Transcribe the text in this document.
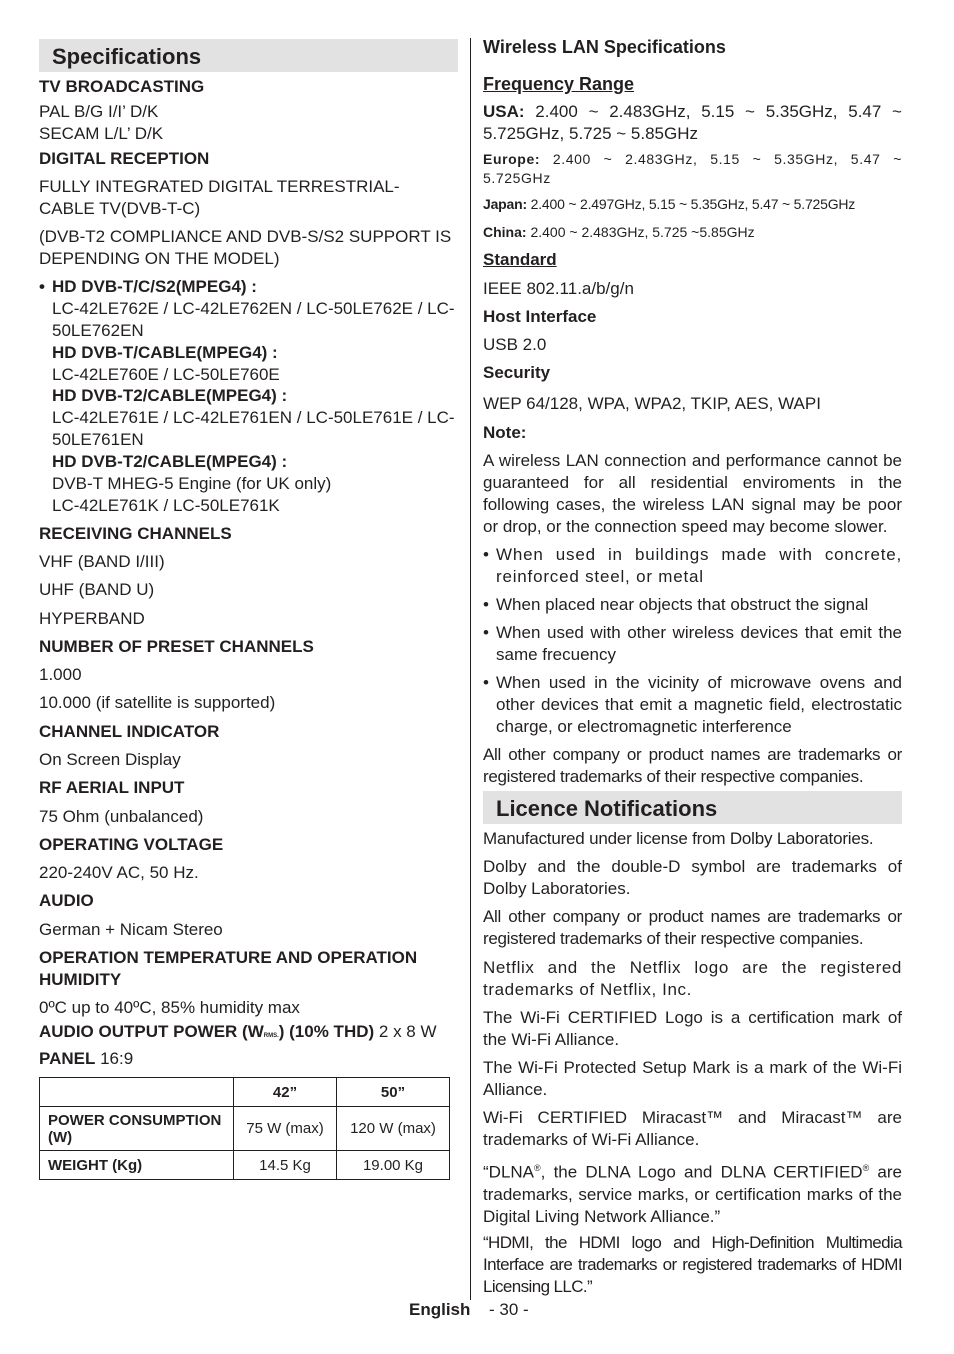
Specifications
TV BROADCASTING
PAL B/G I/I’ D/K
SECAM L/L’ D/K
DIGITAL RECEPTION
FULLY INTEGRATED DIGITAL TERRESTRIAL-CABLE TV(DVB-T-C)
(DVB-T2 COMPLIANCE AND DVB-S/S2 SUPPORT IS DEPENDING ON THE MODEL)
• HD DVB-T/C/S2(MPEG4) :
LC-42LE762E / LC-42LE762EN / LC-50LE762E / LC-50LE762EN
HD DVB-T/CABLE(MPEG4) :
LC-42LE760E / LC-50LE760E
HD DVB-T2/CABLE(MPEG4) :
LC-42LE761E / LC-42LE761EN / LC-50LE761E / LC-50LE761EN
HD DVB-T2/CABLE(MPEG4) :
DVB-T MHEG-5 Engine (for UK only) LC-42LE761K / LC-50LE761K
RECEIVING CHANNELS
VHF (BAND I/III)
UHF (BAND U)
HYPERBAND
NUMBER OF PRESET CHANNELS
1.000
10.000 (if satellite is supported)
CHANNEL INDICATOR
On Screen Display
RF AERIAL INPUT
75 Ohm (unbalanced)
OPERATING VOLTAGE
220-240V AC, 50 Hz.
AUDIO
German + Nicam Stereo
OPERATION TEMPERATURE AND OPERATION HUMIDITY
0ºC up to 40ºC, 85% humidity max
AUDIO OUTPUT POWER (WRMS.) (10% THD) 2 x 8 W
PANEL 16:9
	42”	50”
POWER CONSUMPTION (W)	75 W (max)	120 W (max)
WEIGHT (Kg)	14.5 Kg	19.00 Kg
Wireless LAN Specifications
Frequency Range
USA: 2.400 ~ 2.483GHz, 5.15 ~ 5.35GHz, 5.47 ~ 5.725GHz, 5.725 ~ 5.85GHz
Europe: 2.400 ~ 2.483GHz, 5.15 ~ 5.35GHz, 5.47 ~ 5.725GHz
Japan: 2.400 ~ 2.497GHz, 5.15 ~ 5.35GHz, 5.47 ~ 5.725GHz
China: 2.400 ~ 2.483GHz, 5.725 ~5.85GHz
Standard
IEEE 802.11.a/b/g/n
Host Interface
USB 2.0
Security
WEP 64/128, WPA, WPA2, TKIP, AES, WAPI
Note:
A wireless LAN connection and performance cannot be guaranteed for all residential enviroments in the following cases, the wireless LAN signal may be poor or drop, or the connection speed may become slower.
• When used in buildings made with concrete, reinforced steel, or metal
• When placed near objects that obstruct the signal
• When used with other wireless devices that emit the same frecuency
• When used in the vicinity of microwave ovens and other devices that emit a magnetic field, electrostatic charge, or electromagnetic interference
All other company or product names are trademarks or registered trademarks of their respective companies.
Licence Notifications
Manufactured under license from Dolby Laboratories.
Dolby and the double-D symbol are trademarks of Dolby Laboratories.
All other company or product names are trademarks or registered trademarks of their respective companies.
Netflix and the Netflix logo are the registered trademarks of Netflix, Inc.
The Wi-Fi CERTIFIED Logo is a certification mark of the Wi-Fi Alliance.
The Wi-Fi Protected Setup Mark is a mark of the Wi-Fi Alliance.
Wi-Fi CERTIFIED Miracast™ and Miracast™ are trademarks of Wi-Fi Alliance.
“DLNA®, the DLNA Logo and DLNA CERTIFIED® are trademarks, service marks, or certification marks of the Digital Living Network Alliance.”
“HDMI, the HDMI logo and High-Definition Multimedia Interface are trademarks or registered trademarks of HDMI Licensing LLC.”
English - 30 -
